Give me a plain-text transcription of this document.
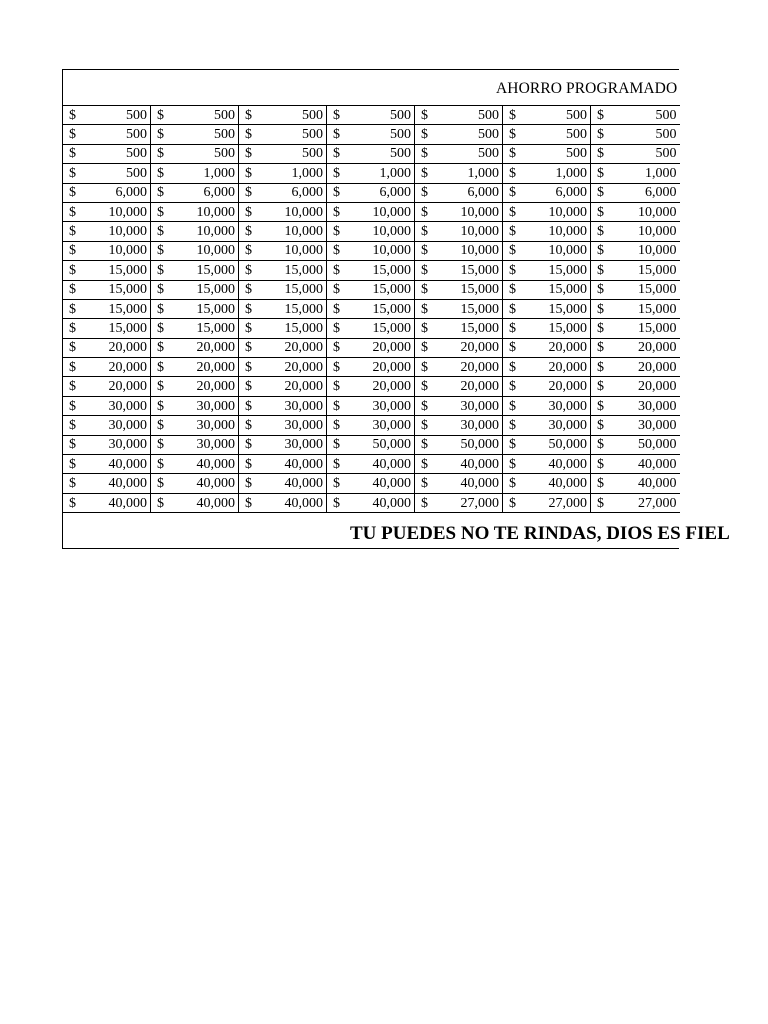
AHORRO PROGRAMADO
$ 500	$ 500	$ 500	$ 500	$ 500	$ 500	$ 500

$ 500	$ 500	$ 500	$ 500	$ 500	$ 500	$ 500

$ 500	$ 500	$ 500	$ 500	$ 500	$ 500	$ 500

$ 500	$ 1,000	$ 1,000	$ 1,000	$ 1,000	$ 1,000	$ 1,000

$ 6,000	$ 6,000	$ 6,000	$ 6,000	$ 6,000	$ 6,000	$ 6,000

$ 10,000	$ 10,000	$ 10,000	$ 10,000	$ 10,000	$ 10,000	$ 10,000

$ 10,000	$ 10,000	$ 10,000	$ 10,000	$ 10,000	$ 10,000	$ 10,000

$ 10,000	$ 10,000	$ 10,000	$ 10,000	$ 10,000	$ 10,000	$ 10,000

$ 15,000	$ 15,000	$ 15,000	$ 15,000	$ 15,000	$ 15,000	$ 15,000

$ 15,000	$ 15,000	$ 15,000	$ 15,000	$ 15,000	$ 15,000	$ 15,000

$ 15,000	$ 15,000	$ 15,000	$ 15,000	$ 15,000	$ 15,000	$ 15,000

$ 15,000	$ 15,000	$ 15,000	$ 15,000	$ 15,000	$ 15,000	$ 15,000

$ 20,000	$ 20,000	$ 20,000	$ 20,000	$ 20,000	$ 20,000	$ 20,000

$ 20,000	$ 20,000	$ 20,000	$ 20,000	$ 20,000	$ 20,000	$ 20,000

$ 20,000	$ 20,000	$ 20,000	$ 20,000	$ 20,000	$ 20,000	$ 20,000

$ 30,000	$ 30,000	$ 30,000	$ 30,000	$ 30,000	$ 30,000	$ 30,000

$ 30,000	$ 30,000	$ 30,000	$ 30,000	$ 30,000	$ 30,000	$ 30,000

$ 30,000	$ 30,000	$ 30,000	$ 50,000	$ 50,000	$ 50,000	$ 50,000

$ 40,000	$ 40,000	$ 40,000	$ 40,000	$ 40,000	$ 40,000	$ 40,000

$ 40,000	$ 40,000	$ 40,000	$ 40,000	$ 40,000	$ 40,000	$ 40,000

$ 40,000	$ 40,000	$ 40,000	$ 40,000	$ 27,000	$ 27,000	$ 27,000
TU PUEDES NO TE RINDAS, DIOS ES FIEL
